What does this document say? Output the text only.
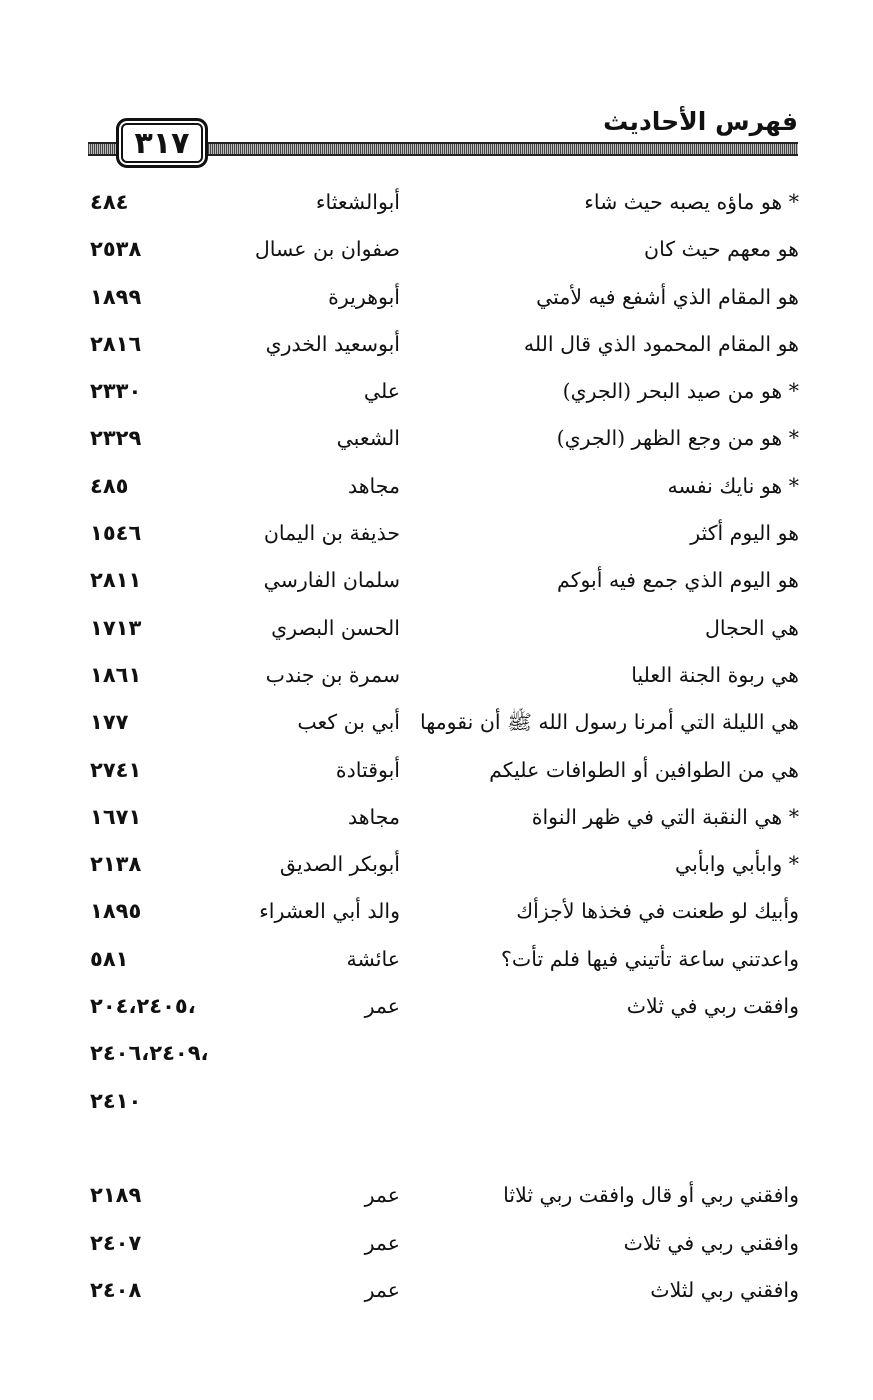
٣١٧
فهرس الأحاديث
* هو ماؤه يصبه حيث شاء
أبوالشعثاء
٤٨٤
هو معهم حيث كان
صفوان بن عسال
٢٥٣٨
هو المقام الذي أشفع فيه لأمتي
أبوهريرة
١٨٩٩
هو المقام المحمود الذي قال الله
أبوسعيد الخدري
٢٨١٦
* هو من صيد البحر (الجري)
علي
٢٣٣٠
* هو من وجع الظهر (الجري)
الشعبي
٢٣٢٩
* هو نايك نفسه
مجاهد
٤٨٥
هو اليوم أكثر
حذيفة بن اليمان
١٥٤٦
هو اليوم الذي جمع فيه أبوكم
سلمان الفارسي
٢٨١١
هي الحجال
الحسن البصري
١٧١٣
هي ربوة الجنة العليا
سمرة بن جندب
١٨٦١
هي الليلة التي أمرنا رسول الله ﷺ أن نقومها
أبي بن كعب
١٧٧
هي من الطوافين أو الطوافات عليكم
أبوقتادة
٢٧٤١
* هي النقبة التي في ظهر النواة
مجاهد
١٦٧١
* وابأبي وابأبي
أبوبكر الصديق
٢١٣٨
وأبيك لو طعنت في فخذها لأجزأك
والد أبي العشراء
١٨٩٥
واعدتني ساعة تأتيني فيها فلم تأت؟
عائشة
٥٨١
وافقت ربي في ثلاث
عمر
٢٠٤،٢٤٠٥،
٢٤٠٦،٢٤٠٩،
٢٤١٠
وافقني ربي أو قال وافقت ربي ثلاثا
عمر
٢١٨٩
وافقني ربي في ثلاث
عمر
٢٤٠٧
وافقني ربي لثلاث
عمر
٢٤٠٨
